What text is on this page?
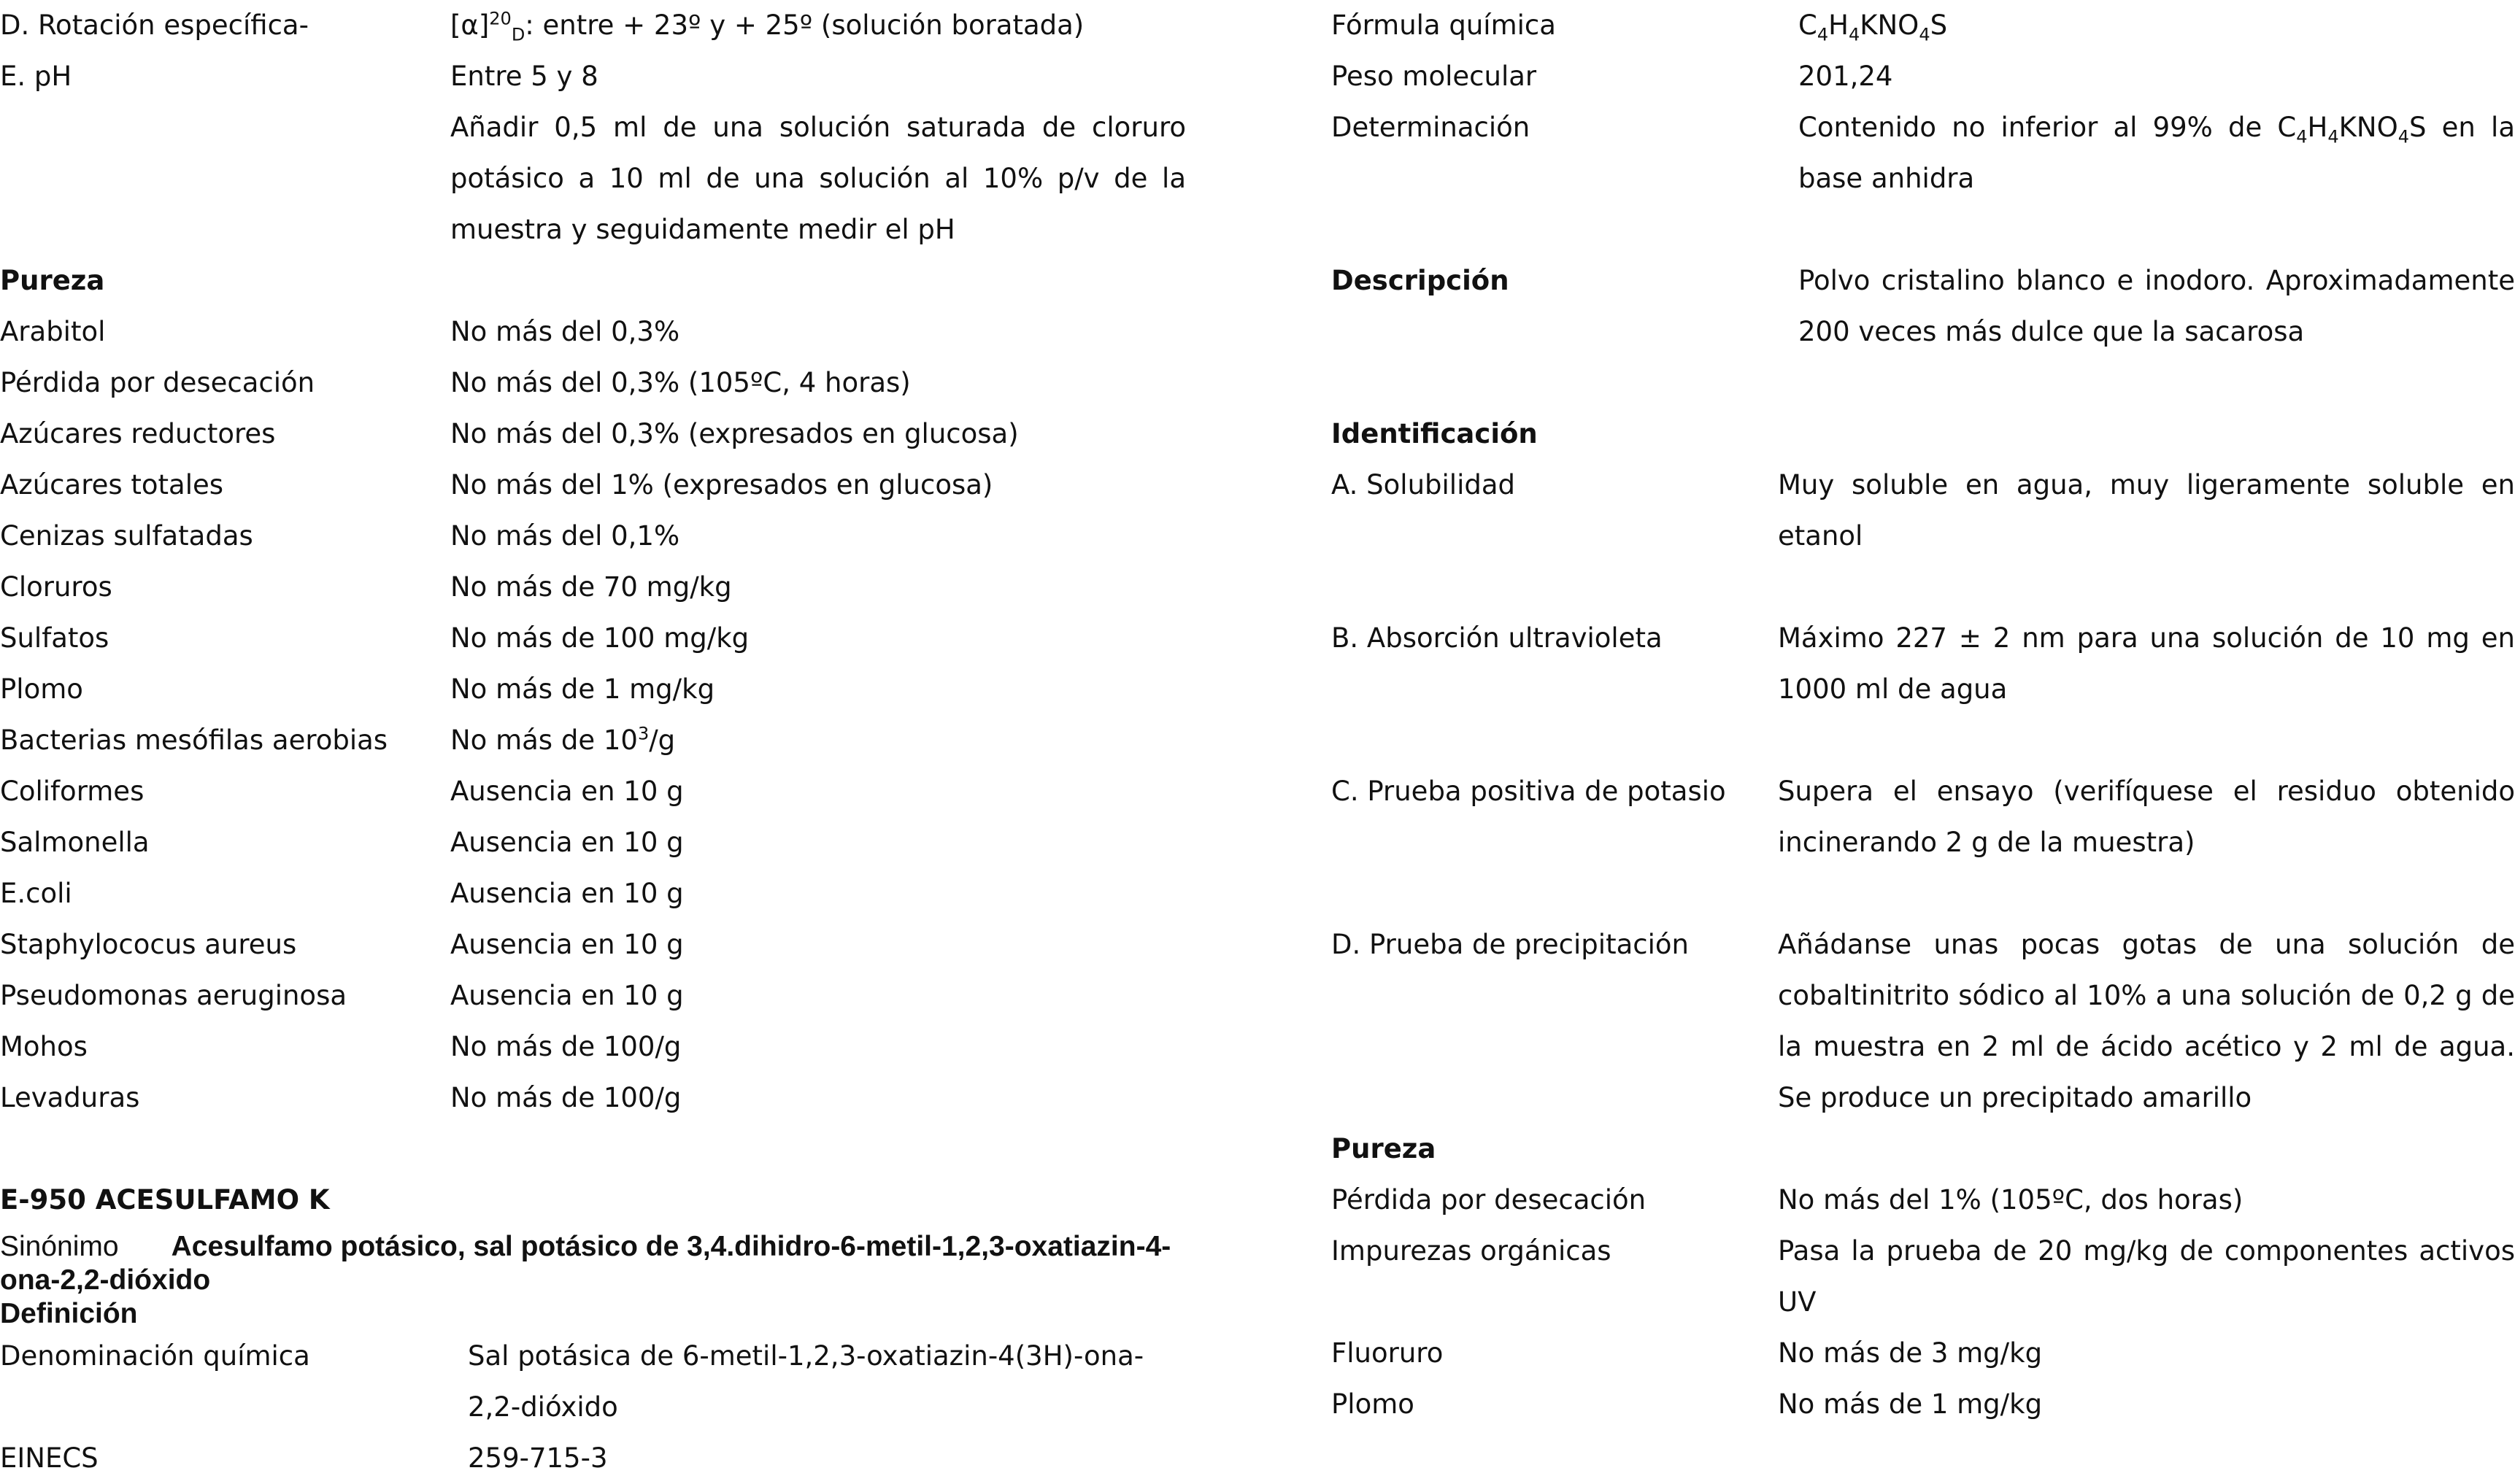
D. Rotación específica-	$[\alpha]^{20}_D$: entre + 23º y + 25º (solución boratada)
E. pH	Entre 5 y 8
Añadir 0,5 ml de una solución saturada de cloruro potásico a 10 ml de una solución al 10% p/v de la muestra y seguidamente medir el pH
Pureza
Arabitol	No más del 0,3%
Pérdida por desecación	No más del 0,3% (105ºC, 4 horas)
Azúcares reductores	No más del 0,3% (expresados en glucosa)
Azúcares totales	No más del 1% (expresados en glucosa)
Cenizas sulfatadas	No más del 0,1%
Cloruros	No más de 70 mg/kg
Sulfatos	No más de 100 mg/kg
Plomo	No más de 1 mg/kg
Bacterias mesófilas aerobias	No más de $10^3/g$
Coliformes	Ausencia en 10 g
Salmonella	Ausencia en 10 g
E.coli	Ausencia en 10 g
Staphylococus aureus	Ausencia en 10 g
Pseudomonas aeruginosa	Ausencia en 10 g
Mohos	No más de 100/g
Levaduras	No más de 100/g
E-950 ACESULFAMO K
Sinónimo Acesulfamo potásico, sal potásico de 3,4.dihidro-6-metil-1,2,3-oxatiazin-4-ona-2,2-dióxido
Definición
Denominación química	Sal potásica de 6-metil-1,2,3-oxatiazin-4(3H)-ona-2,2-dióxido
EINECS	259-715-3
Fórmula química	$C_4H_4KNO_4S$
Peso molecular	201,24
Determinación	Contenido no inferior al 99% de $C_4H_4KNO_4S$ en la base anhidra
Descripción	Polvo cristalino blanco e inodoro. Aproximadamente 200 veces más dulce que la sacarosa
Identificación
A. Solubilidad	Muy soluble en agua, muy ligeramente soluble en etanol
B. Absorción ultravioleta	Máximo 227 ± 2 nm para una solución de 10 mg en 1000 ml de agua
C. Prueba positiva de potasio	Supera el ensayo (verifíquese el residuo obtenido incinerando 2 g de la muestra)
D. Prueba de precipitación	Añádanse unas pocas gotas de una solución de cobaltinitrito sódico al 10% a una solución de 0,2 g de la muestra en 2 ml de ácido acético y 2 ml de agua. Se produce un precipitado amarillo
Pureza
Pérdida por desecación	No más del 1% (105ºC, dos horas)
Impurezas orgánicas	Pasa la prueba de 20 mg/kg de componentes activos UV
Fluoruro	No más de 3 mg/kg
Plomo	No más de 1 mg/kg
